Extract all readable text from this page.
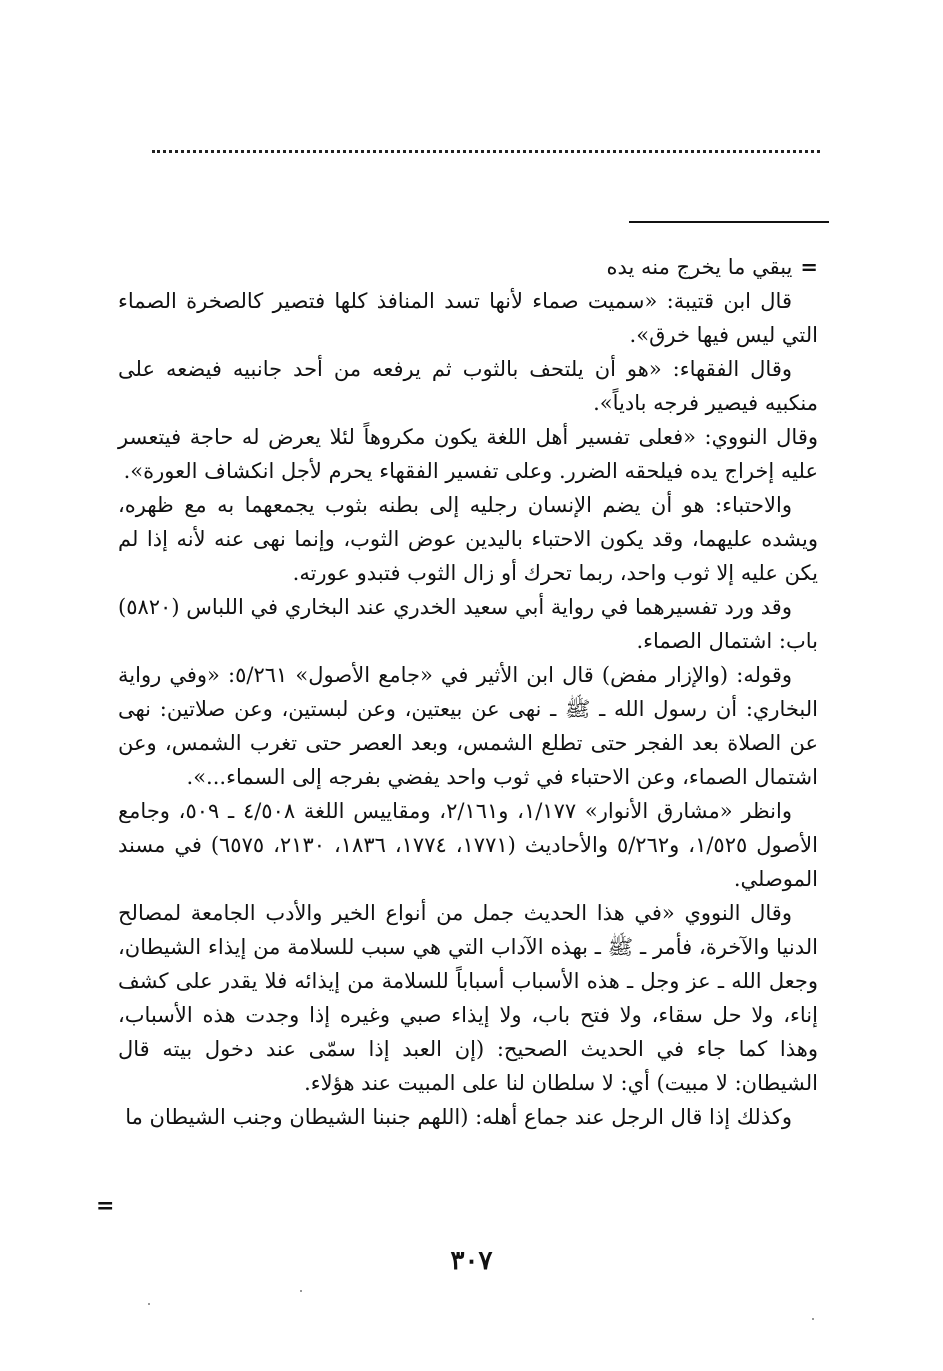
=يبقي ما يخرج منه يده

قال ابن قتيبة: «سميت صماء لأنها تسد المنافذ كلها فتصير كالصخرة الصماء التي ليس فيها خرق».

وقال الفقهاء: «هو أن يلتحف بالثوب ثم يرفعه من أحد جانبيه فيضعه على منكبيه فيصير فرجه بادياً».

وقال النووي: «فعلى تفسير أهل اللغة يكون مكروهاً لئلا يعرض له حاجة فيتعسر عليه إخراج يده فيلحقه الضرر. وعلى تفسير الفقهاء يحرم لأجل انكشاف العورة».

والاحتباء: هو أن يضم الإنسان رجليه إلى بطنه بثوب يجمعهما به مع ظهره، ويشده عليهما، وقد يكون الاحتباء باليدين عوض الثوب، وإنما نهى عنه لأنه إذا لم يكن عليه إلا ثوب واحد، ربما تحرك أو زال الثوب فتبدو عورته.

وقد ورد تفسيرهما في رواية أبي سعيد الخدري عند البخاري في اللباس (٥٨٢٠) باب: اشتمال الصماء.

وقوله: (والإزار مفض) قال ابن الأثير في «جامع الأصول» ٥/٢٦١: «وفي رواية البخاري: أن رسول الله ـ ﷺ ـ نهى عن بيعتين، وعن لبستين، وعن صلاتين: نهى عن الصلاة بعد الفجر حتى تطلع الشمس، وبعد العصر حتى تغرب الشمس، وعن اشتمال الصماء، وعن الاحتباء في ثوب واحد يفضي بفرجه إلى السماء...».

وانظر «مشارق الأنوار» ١/١٧٧، و٢/١٦١، ومقاييس اللغة ٤/٥٠٨ ـ ٥٠٩، وجامع الأصول ١/٥٢٥، و٥/٢٦٢ والأحاديث (١٧٧١، ١٧٧٤، ١٨٣٦، ٢١٣٠، ٦٥٧٥) في مسند الموصلي.

وقال النووي «في هذا الحديث جمل من أنواع الخير والأدب الجامعة لمصالح الدنيا والآخرة، فأمر ـ ﷺ ـ بهذه الآداب التي هي سبب للسلامة من إيذاء الشيطان، وجعل الله ـ عز وجل ـ هذه الأسباب أسباباً للسلامة من إيذائه فلا يقدر على كشف إناء، ولا حل سقاء، ولا فتح باب، ولا إيذاء صبي وغيره إذا وجدت هذه الأسباب، وهذا كما جاء في الحديث الصحيح: (إن العبد إذا سمّى عند دخول بيته قال الشيطان: لا مبيت) أي: لا سلطان لنا على المبيت عند هؤلاء.

وكذلك إذا قال الرجل عند جماع أهله: (اللهم جنبنا الشيطان وجنب الشيطان ما

=
٣٠٧
